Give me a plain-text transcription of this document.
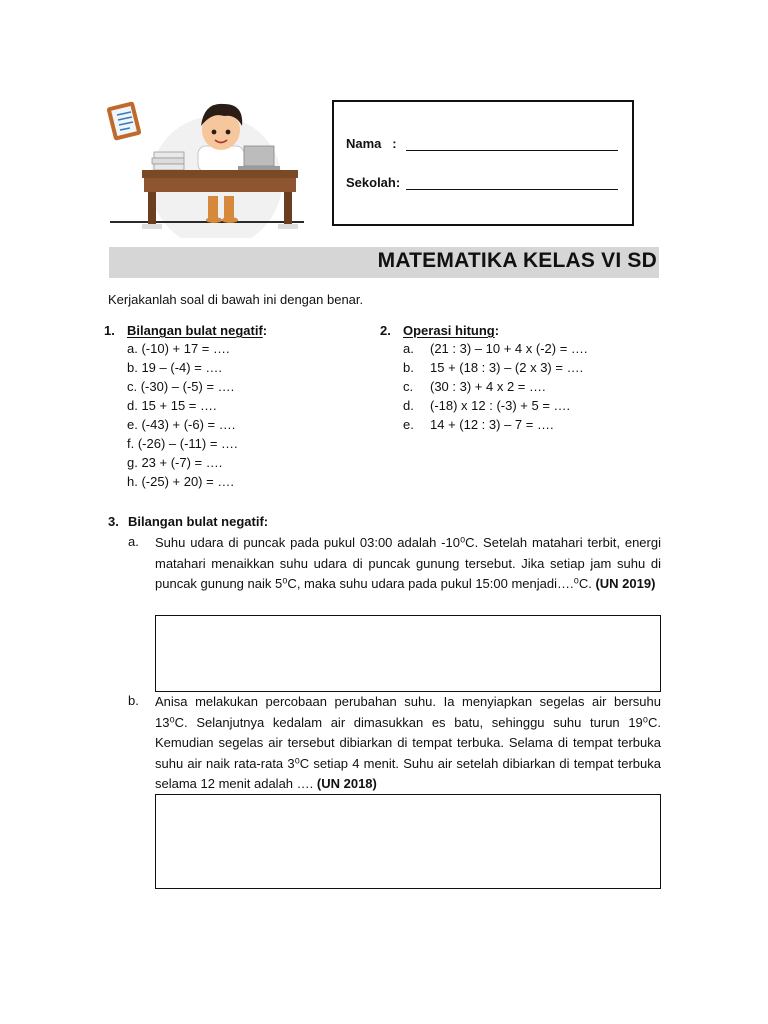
Nama   :
Sekolah:
MATEMATIKA KELAS VI SD
Kerjakanlah soal di bawah ini dengan benar.
1. Bilangan bulat negatif :
a. (-10) + 17 = ….
b. 19 – (-4) = ….
c. (-30) – (-5) = ….
d. 15 + 15 = ….
e. (-43) + (-6) = ….
f. (-26) – (-11) = ….
g. 23 + (-7) = ….
h. (-25) + 20) = ….
2. Operasi hitung :
a. (21 : 3) – 10 + 4 x (-2) = ….
b. 15 + (18 : 3) – (2 x 3) = ….
c. (30 : 3) + 4 x 2 = ….
d. (-18) x 12 : (-3) + 5 = ….
e. 14 + (12 : 3) – 7 = ….
3. Bilangan bulat negatif:
a. Suhu udara di puncak pada pukul 03:00 adalah -10⁰C. Setelah matahari terbit, energi matahari menaikkan suhu udara di puncak gunung tersebut. Jika setiap jam suhu di puncak gunung naik 5⁰C, maka suhu udara pada pukul 15:00 menjadi….⁰C. (UN 2019)
b. Anisa melakukan percobaan perubahan suhu. Ia menyiapkan segelas air bersuhu 13⁰C. Selanjutnya kedalam air dimasukkan es batu, sehinggu suhu turun 19⁰C. Kemudian segelas air tersebut dibiarkan di tempat terbuka. Selama di tempat terbuka suhu air naik rata-rata 3⁰C setiap 4 menit. Suhu air setelah dibiarkan di tempat terbuka selama 12 menit adalah …. (UN 2018)
